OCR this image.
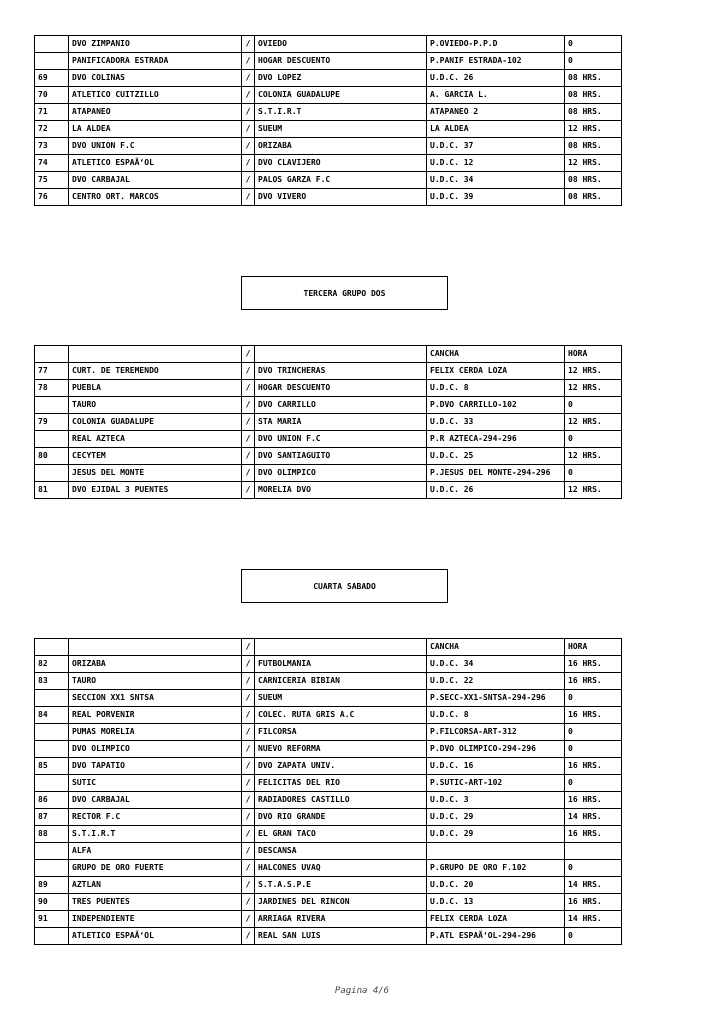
	DVO ZIMPANIO	/	OVIEDO	P.OVIEDO-P.P.D	0
	PANIFICADORA ESTRADA	/	HOGAR DESCUENTO	P.PANIF ESTRADA-102	0
69	DVO COLINAS	/	DVO LOPEZ	U.D.C. 26	08 HRS.
70	ATLETICO CUITZILLO	/	COLONIA GUADALUPE	A. GARCIA L.	08 HRS.
71	ATAPANEO	/	S.T.I.R.T	ATAPANEO 2	08 HRS.
72	LA ALDEA	/	SUEUM	LA ALDEA	12 HRS.
73	DVO UNION F.C	/	ORIZABA	U.D.C. 37	08 HRS.
74	ATLETICO ESPAÃ‘OL	/	DVO CLAVIJERO	U.D.C. 12	12 HRS.
75	DVO CARBAJAL	/	PALOS GARZA F.C	U.D.C. 34	08 HRS.
76	CENTRO ORT. MARCOS	/	DVO VIVERO	U.D.C. 39	08 HRS.
TERCERA GRUPO DOS
		/		CANCHA	HORA
77	CURT. DE TEREMENDO	/	DVO TRINCHERAS	FELIX CERDA LOZA	12 HRS.
78	PUEBLA	/	HOGAR DESCUENTO	U.D.C. 8	12 HRS.
	TAURO	/	DVO CARRILLO	P.DVO CARRILLO-102	0
79	COLONIA GUADALUPE	/	STA MARIA	U.D.C. 33	12 HRS.
	REAL AZTECA	/	DVO UNION F.C	P.R AZTECA-294-296	0
80	CECYTEM	/	DVO SANTIAGUITO	U.D.C. 25	12 HRS.
	JESUS DEL MONTE	/	DVO OLIMPICO	P.JESUS DEL MONTE-294-296	0
81	DVO EJIDAL 3 PUENTES	/	MORELIA DVO	U.D.C. 26	12 HRS.
CUARTA SABADO
		/		CANCHA	HORA
82	ORIZABA	/	FUTBOLMANIA	U.D.C. 34	16 HRS.
83	TAURO	/	CARNICERIA BIBIAN	U.D.C. 22	16 HRS.
	SECCION XX1 SNTSA	/	SUEUM	P.SECC-XX1-SNTSA-294-296	0
84	REAL PORVENIR	/	COLEC. RUTA GRIS A.C	U.D.C. 8	16 HRS.
	PUMAS MORELIA	/	FILCORSA	P.FILCORSA-ART-312	0
	DVO OLIMPICO	/	NUEVO REFORMA	P.DVO OLIMPICO-294-296	0
85	DVO TAPATIO	/	DVO ZAPATA UNIV.	U.D.C. 16	16 HRS.
	SUTIC	/	FELICITAS DEL RIO	P.SUTIC-ART-102	0
86	DVO CARBAJAL	/	RADIADORES CASTILLO	U.D.C. 3	16 HRS.
87	RECTOR F.C	/	DVO RIO GRANDE	U.D.C. 29	14 HRS.
88	S.T.I.R.T	/	EL GRAN TACO	U.D.C. 29	16 HRS.
	ALFA	/	DESCANSA		
	GRUPO DE ORO FUERTE	/	HALCONES UVAQ	P.GRUPO DE ORO F.102	0
89	AZTLAN	/	S.T.A.S.P.E	U.D.C. 20	14 HRS.
90	TRES PUENTES	/	JARDINES DEL RINCON	U.D.C. 13	16 HRS.
91	INDEPENDIENTE	/	ARRIAGA RIVERA	FELIX CERDA LOZA	14 HRS.
	ATLETICO ESPAÃ‘OL	/	REAL SAN LUIS	P.ATL ESPAÃ‘OL-294-296	0
Pagina 4/6
